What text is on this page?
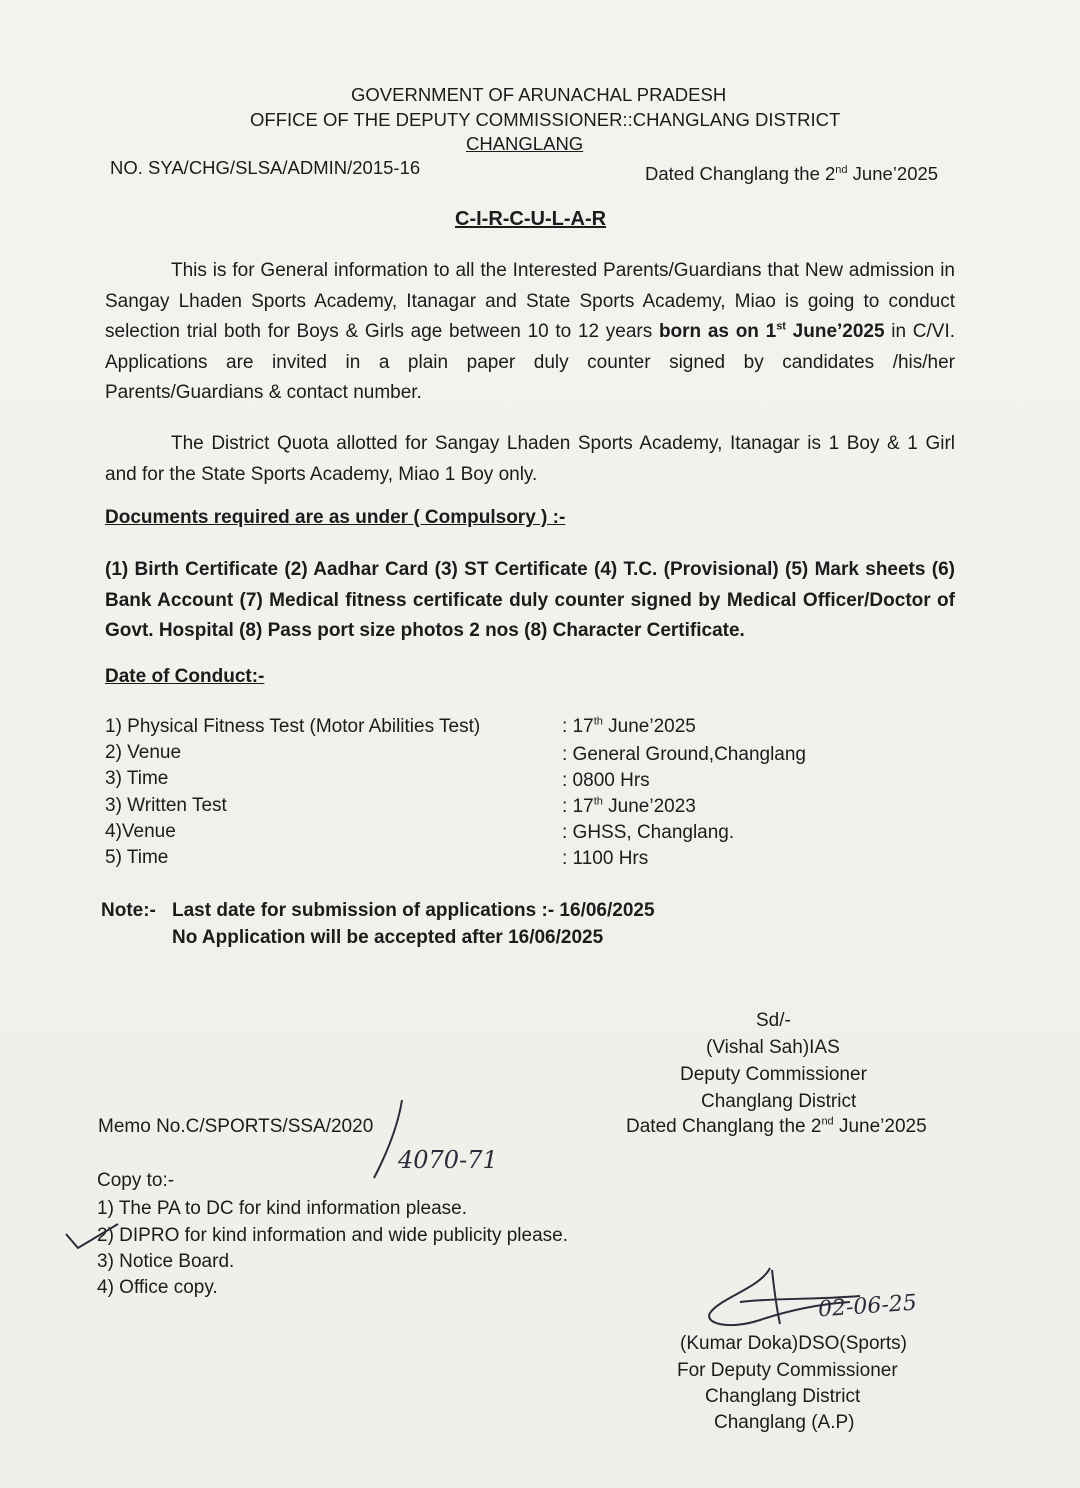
GOVERNMENT OF ARUNACHAL PRADESH
OFFICE OF THE DEPUTY COMMISSIONER::CHANGLANG DISTRICT
CHANGLANG
NO. SYA/CHG/SLSA/ADMIN/2015-16	Dated Changlang the 2nd June’2025
C-I-R-C-U-L-A-R
This is for General information to all the Interested Parents/Guardians that New admission in Sangay Lhaden Sports Academy, Itanagar and State Sports Academy, Miao is going to conduct selection trial both for Boys & Girls age between 10 to 12 years born as on 1st June’2025 in C/VI. Applications are invited in a plain paper duly counter signed by candidates /his/her Parents/Guardians & contact number.
The District Quota allotted for Sangay Lhaden Sports Academy, Itanagar is 1 Boy & 1 Girl and for the State Sports Academy, Miao 1 Boy only.
Documents required are as under ( Compulsory ) :-
(1) Birth Certificate (2) Aadhar Card (3) ST Certificate (4) T.C. (Provisional) (5) Mark sheets (6) Bank Account (7) Medical fitness certificate duly counter signed by Medical Officer/Doctor of Govt. Hospital (8) Pass port size photos 2 nos (8) Character Certificate.
Date of Conduct:-
1) Physical Fitness Test (Motor Abilities Test)	: 17th June’2025
2) Venue	: General Ground,Changlang
3) Time	: 0800 Hrs
3) Written Test	: 17th June’2023
4)Venue	: GHSS, Changlang.
5) Time	: 1100 Hrs
Note:- Last date for submission of applications :- 16/06/2025
No Application will be accepted after 16/06/2025
Sd/-
(Vishal Sah)IAS
Deputy Commissioner
Changlang District
Dated Changlang the 2nd June’2025
Memo No.C/SPORTS/SSA/2020
4070-71
Copy to:-
1) The PA to DC for kind information please.
2) DIPRO for kind information and wide publicity please.
3) Notice Board.
4) Office copy.
02-06-25
(Kumar Doka)DSO(Sports)
For Deputy Commissioner
Changlang District
Changlang (A.P)
